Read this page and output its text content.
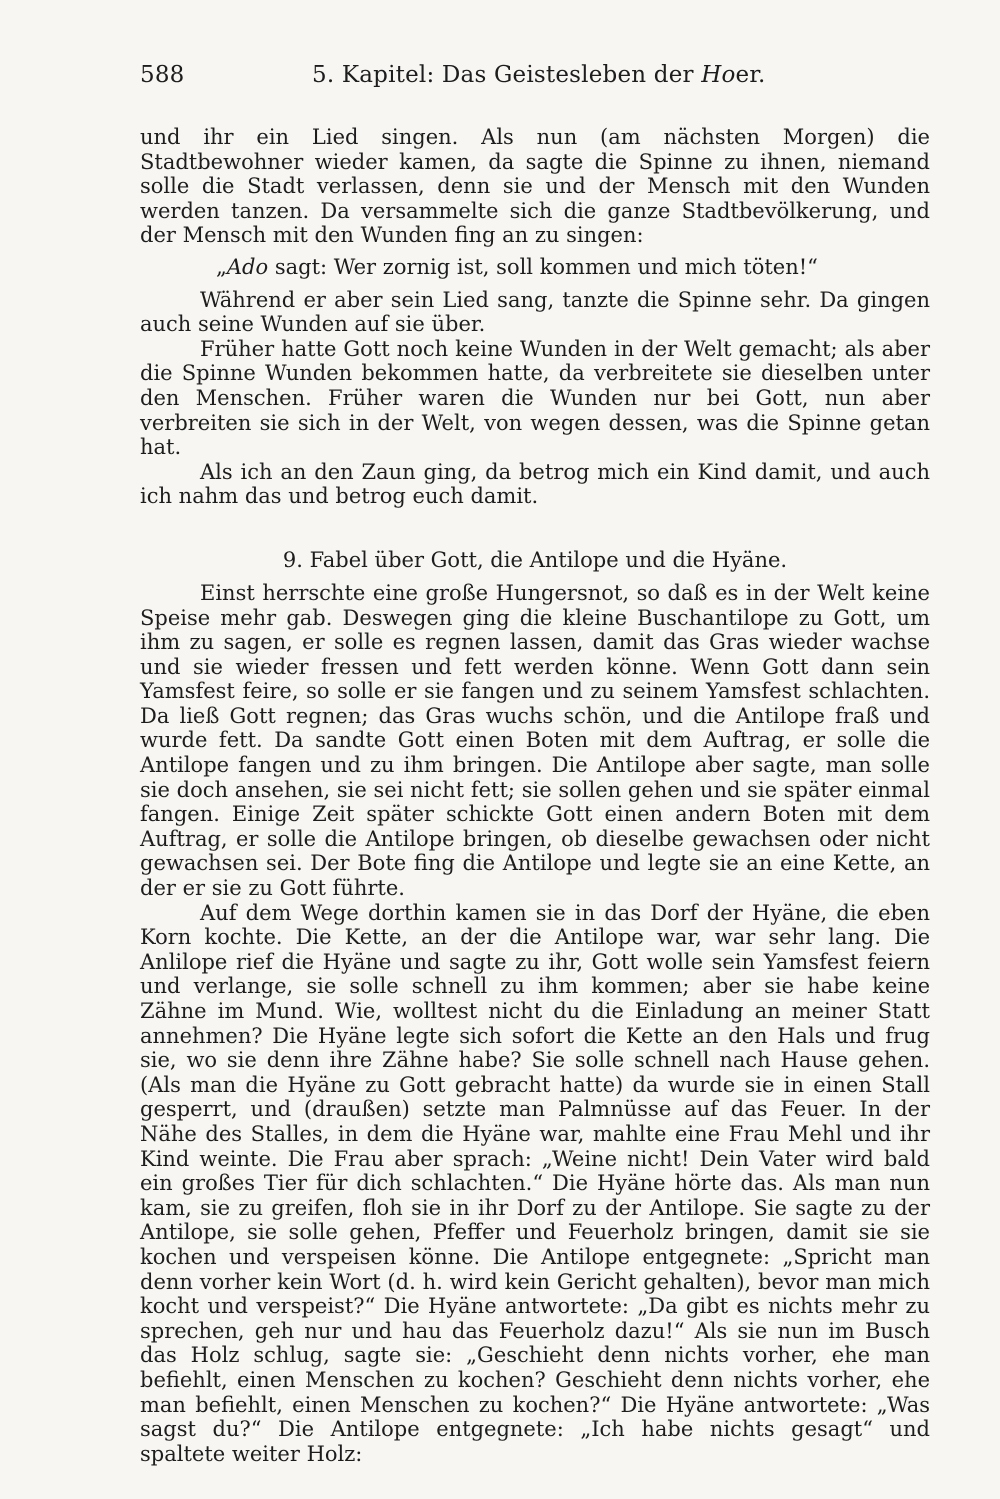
588	5. Kapitel: Das Geistesleben der Hoer.

und ihr ein Lied singen. Als nun (am nächsten Morgen) die Stadtbewohner wieder kamen, da sagte die Spinne zu ihnen, niemand solle die Stadt verlassen, denn sie und der Mensch mit den Wunden werden tanzen. Da versammelte sich die ganze Stadtbevölkerung, und der Mensch mit den Wunden fing an zu singen:

„Ado sagt: Wer zornig ist, soll kommen und mich töten!“

Während er aber sein Lied sang, tanzte die Spinne sehr. Da gingen auch seine Wunden auf sie über.

Früher hatte Gott noch keine Wunden in der Welt gemacht; als aber die Spinne Wunden bekommen hatte, da verbreitete sie dieselben unter den Menschen. Früher waren die Wunden nur bei Gott, nun aber verbreiten sie sich in der Welt, von wegen dessen, was die Spinne getan hat.

Als ich an den Zaun ging, da betrog mich ein Kind damit, und auch ich nahm das und betrog euch damit.

9. Fabel über Gott, die Antilope und die Hyäne.

Einst herrschte eine große Hungersnot, so daß es in der Welt keine Speise mehr gab. Deswegen ging die kleine Buschantilope zu Gott, um ihm zu sagen, er solle es regnen lassen, damit das Gras wieder wachse und sie wieder fressen und fett werden könne. Wenn Gott dann sein Yamsfest feire, so solle er sie fangen und zu seinem Yamsfest schlachten. Da ließ Gott regnen; das Gras wuchs schön, und die Antilope fraß und wurde fett. Da sandte Gott einen Boten mit dem Auftrag, er solle die Antilope fangen und zu ihm bringen. Die Antilope aber sagte, man solle sie doch ansehen, sie sei nicht fett; sie sollen gehen und sie später einmal fangen. Einige Zeit später schickte Gott einen andern Boten mit dem Auftrag, er solle die Antilope bringen, ob dieselbe gewachsen oder nicht gewachsen sei. Der Bote fing die Antilope und legte sie an eine Kette, an der er sie zu Gott führte.

Auf dem Wege dorthin kamen sie in das Dorf der Hyäne, die eben Korn kochte. Die Kette, an der die Antilope war, war sehr lang. Die Anlilope rief die Hyäne und sagte zu ihr, Gott wolle sein Yamsfest feiern und verlange, sie solle schnell zu ihm kommen; aber sie habe keine Zähne im Mund. Wie, wolltest nicht du die Einladung an meiner Statt annehmen? Die Hyäne legte sich sofort die Kette an den Hals und frug sie, wo sie denn ihre Zähne habe? Sie solle schnell nach Hause gehen. (Als man die Hyäne zu Gott gebracht hatte) da wurde sie in einen Stall gesperrt, und (draußen) setzte man Palmnüsse auf das Feuer. In der Nähe des Stalles, in dem die Hyäne war, mahlte eine Frau Mehl und ihr Kind weinte. Die Frau aber sprach: „Weine nicht! Dein Vater wird bald ein großes Tier für dich schlachten.“ Die Hyäne hörte das. Als man nun kam, sie zu greifen, floh sie in ihr Dorf zu der Antilope. Sie sagte zu der Antilope, sie solle gehen, Pfeffer und Feuerholz bringen, damit sie sie kochen und verspeisen könne. Die Antilope entgegnete: „Spricht man denn vorher kein Wort (d. h. wird kein Gericht gehalten), bevor man mich kocht und verspeist?“ Die Hyäne antwortete: „Da gibt es nichts mehr zu sprechen, geh nur und hau das Feuerholz dazu!“ Als sie nun im Busch das Holz schlug, sagte sie: „Geschieht denn nichts vorher, ehe man befiehlt, einen Menschen zu kochen? Geschieht denn nichts vorher, ehe man befiehlt, einen Menschen zu kochen?“ Die Hyäne antwortete: „Was sagst du?“ Die Antilope entgegnete: „Ich habe nichts gesagt“ und spaltete weiter Holz:
